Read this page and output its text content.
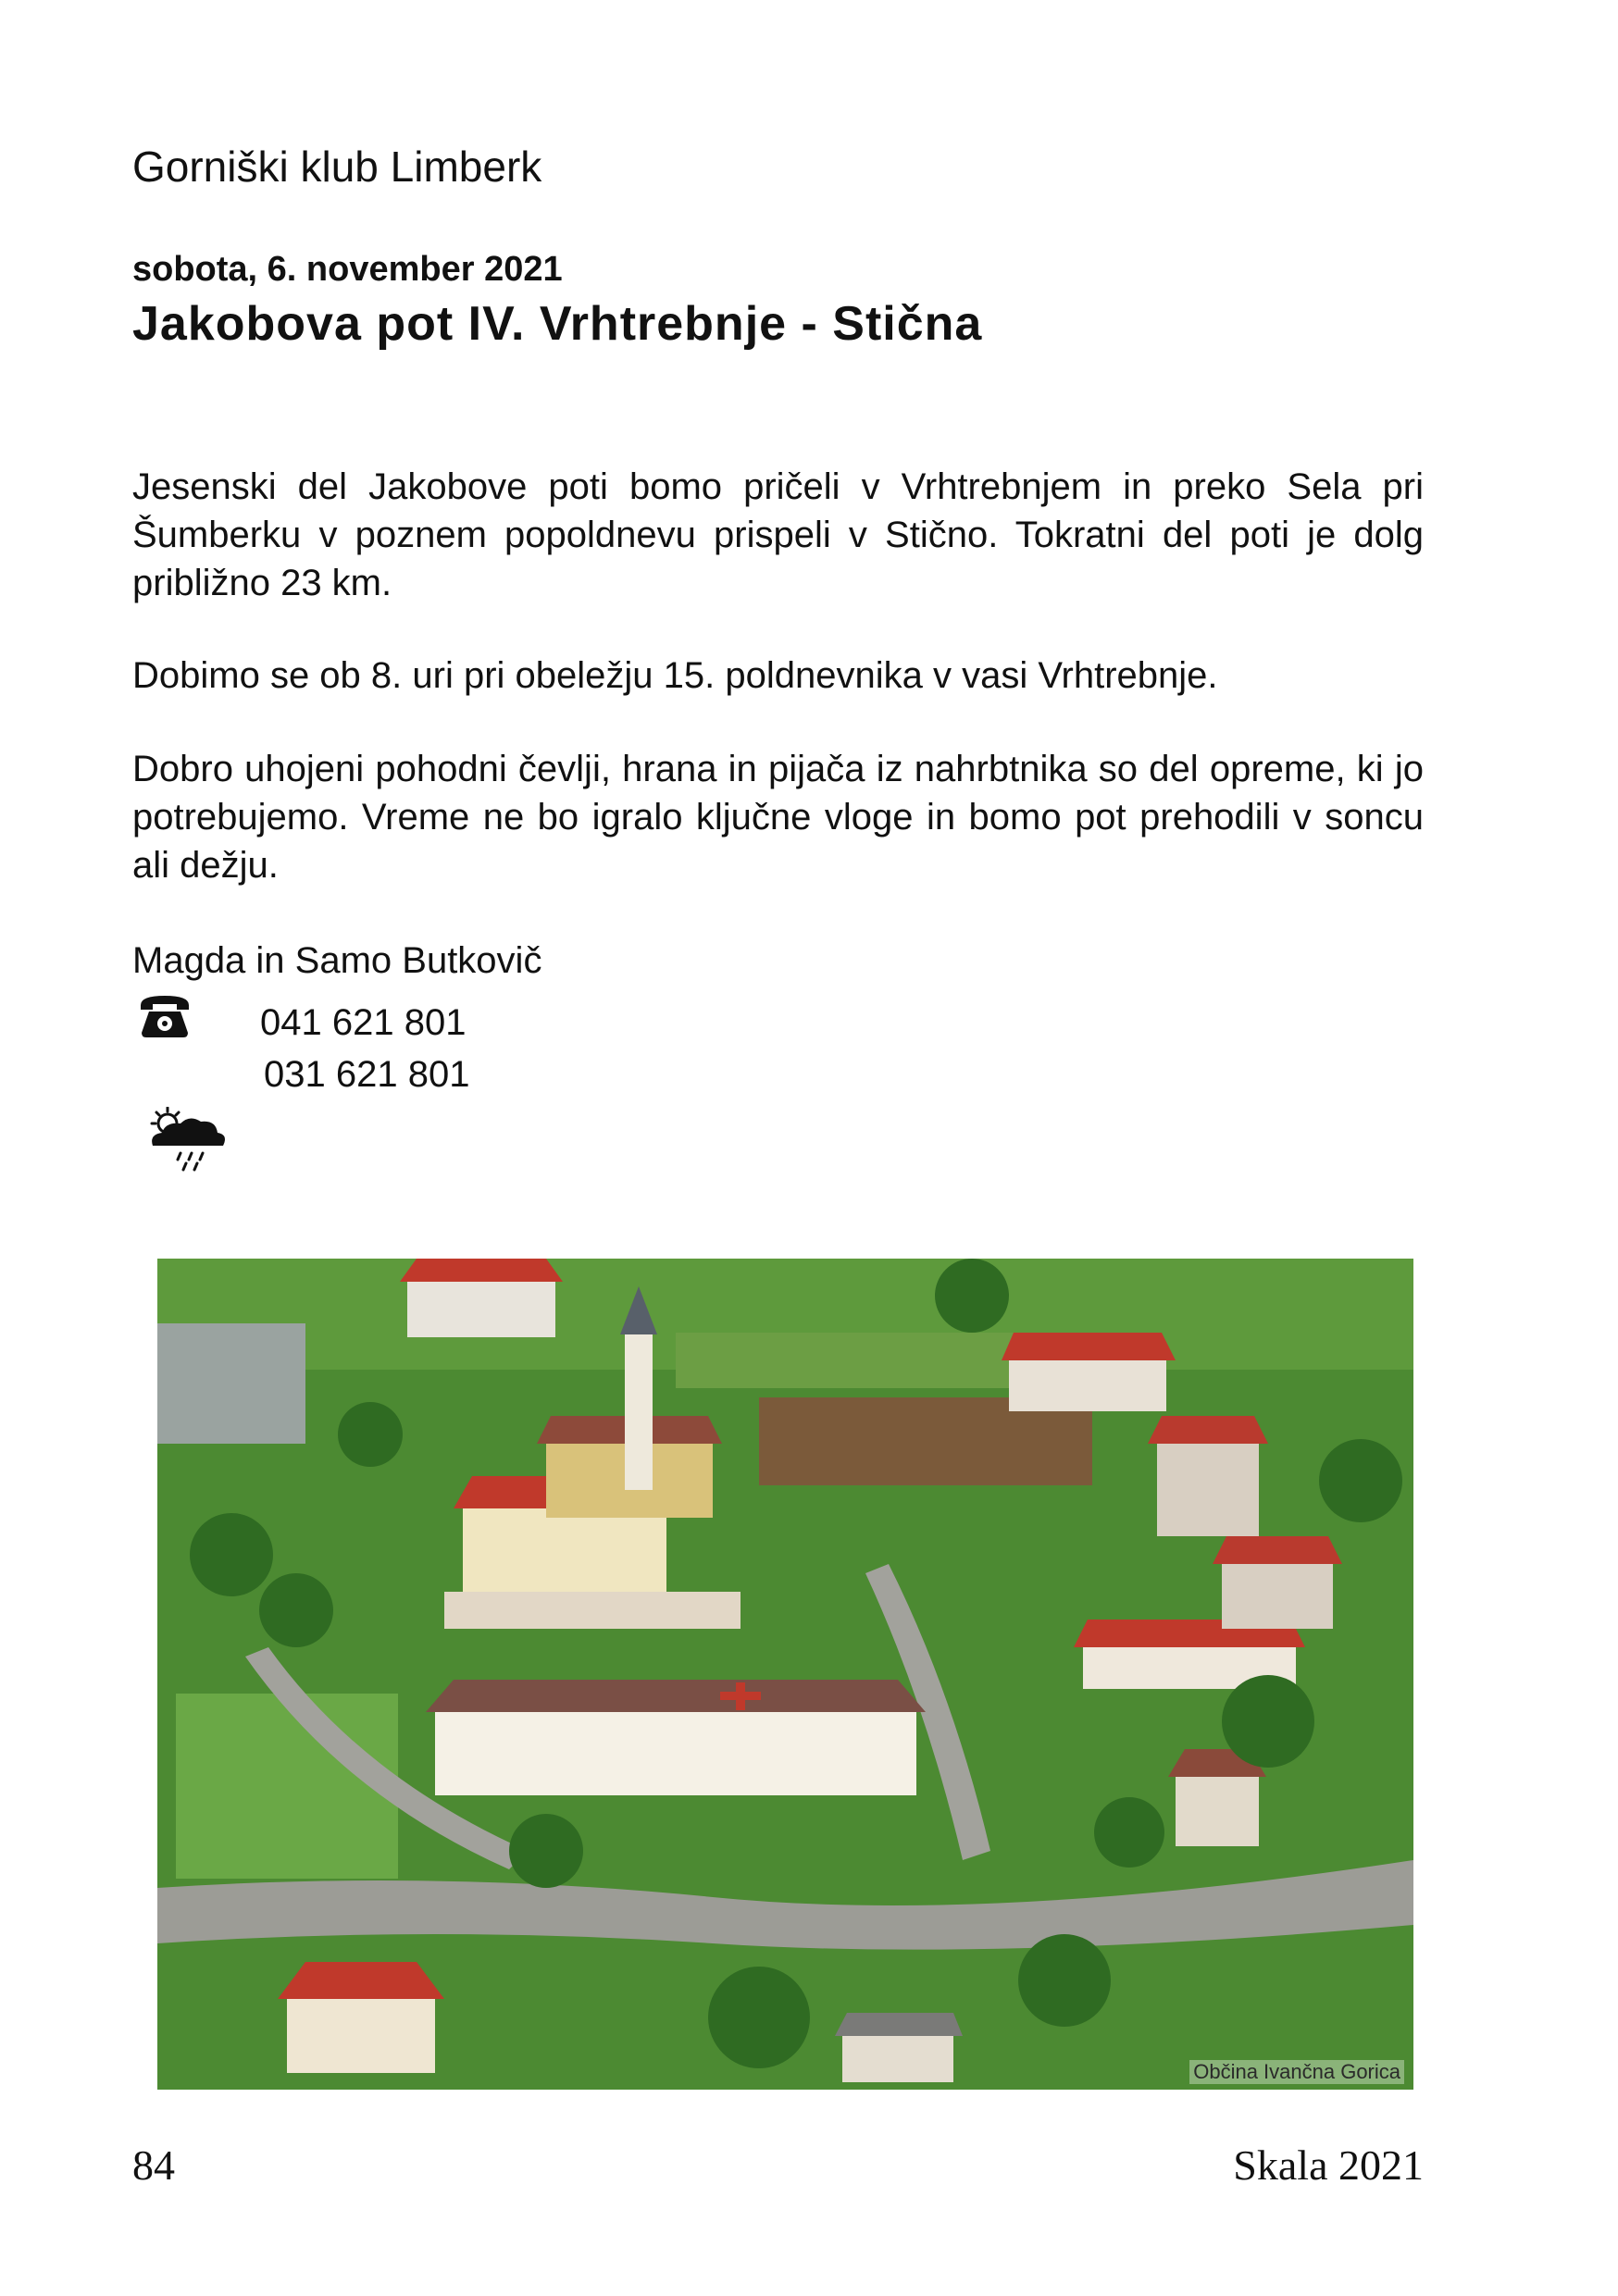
Gorniški klub Limberk
sobota, 6. november 2021
Jakobova pot IV. Vrhtrebnje - Stična
Jesenski del Jakobove poti bomo pričeli v Vrhtrebnjem in preko Sela pri Šumberku v poznem popoldnevu prispeli v Stično. Tokratni del poti je dolg približno 23 km.
Dobimo se ob 8. uri pri obeležju 15. poldnevnika v vasi Vrhtrebnje.
Dobro uhojeni pohodni čevlji, hrana in pijača iz nahrbtnika so del opreme, ki jo potrebujemo. Vreme ne bo igralo ključne vloge in bomo pot prehodili v soncu ali dežju.
Magda in Samo Butkovič
041 621 801
031 621 801
Občina Ivančna Gorica
84	Skala 2021
